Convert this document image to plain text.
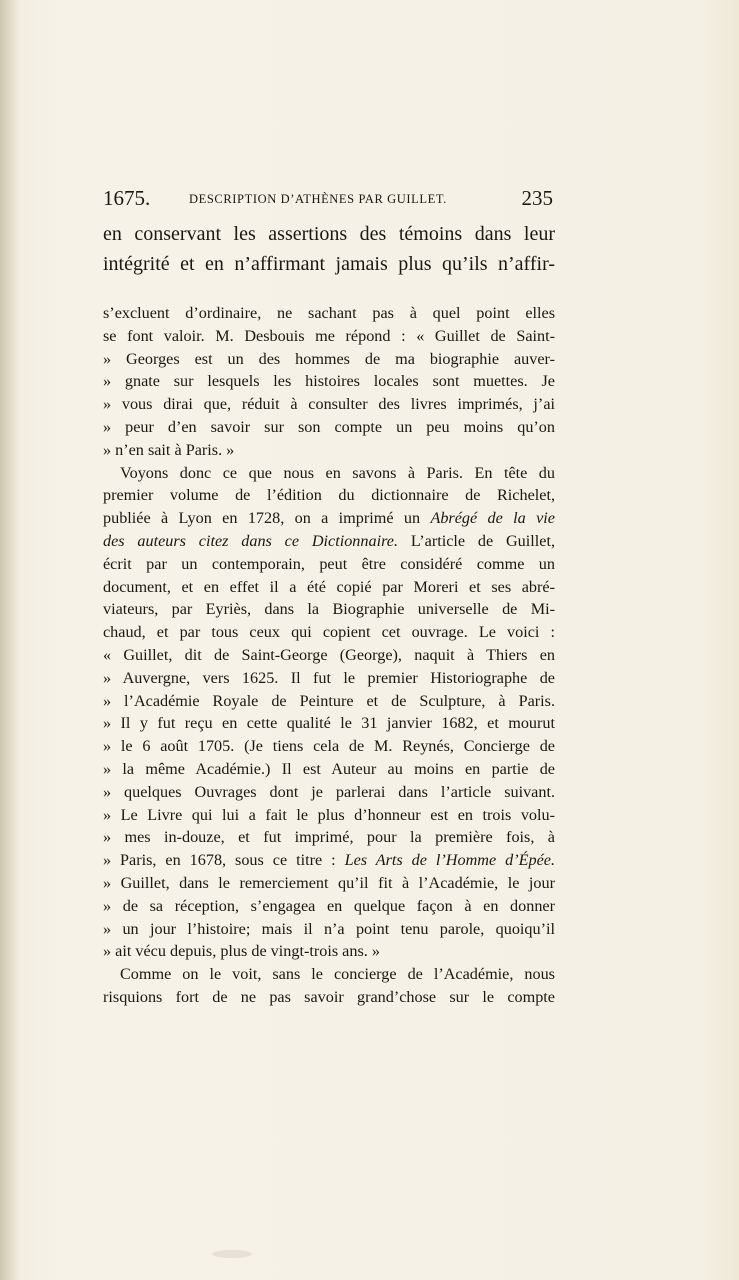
1675.	DESCRIPTION D’ATHÈNES PAR GUILLET.	235
en conservant les assertions des témoins dans leur
intégrité et en n’affirmant jamais plus qu’ils n’affir-
s’excluent d’ordinaire, ne sachant pas à quel point elles
se font valoir. M. Desbouis me répond : « Guillet de Saint-
» Georges est un des hommes de ma biographie auver-
» gnate sur lesquels les histoires locales sont muettes. Je
» vous dirai que, réduit à consulter des livres imprimés, j’ai
» peur d’en savoir sur son compte un peu moins qu’on
» n’en sait à Paris. »
Voyons donc ce que nous en savons à Paris. En tête du
premier volume de l’édition du dictionnaire de Richelet,
publiée à Lyon en 1728, on a imprimé un Abrégé de la vie
des auteurs citez dans ce Dictionnaire. L’article de Guillet,
écrit par un contemporain, peut être considéré comme un
document, et en effet il a été copié par Moreri et ses abré-
viateurs, par Eyriès, dans la Biographie universelle de Mi-
chaud, et par tous ceux qui copient cet ouvrage. Le voici :
« Guillet, dit de Saint-George (George), naquit à Thiers en
» Auvergne, vers 1625. Il fut le premier Historiographe de
» l’Académie Royale de Peinture et de Sculpture, à Paris.
» Il y fut reçu en cette qualité le 31 janvier 1682, et mourut
» le 6 août 1705. (Je tiens cela de M. Reynés, Concierge de
» la même Académie.) Il est Auteur au moins en partie de
» quelques Ouvrages dont je parlerai dans l’article suivant.
» Le Livre qui lui a fait le plus d’honneur est en trois volu-
» mes in-douze, et fut imprimé, pour la première fois, à
» Paris, en 1678, sous ce titre : Les Arts de l’Homme d’Épée.
» Guillet, dans le remerciement qu’il fit à l’Académie, le jour
» de sa réception, s’engagea en quelque façon à en donner
» un jour l’histoire; mais il n’a point tenu parole, quoiqu’il
» ait vécu depuis, plus de vingt-trois ans. »
Comme on le voit, sans le concierge de l’Académie, nous
risquions fort de ne pas savoir grand’chose sur le compte
